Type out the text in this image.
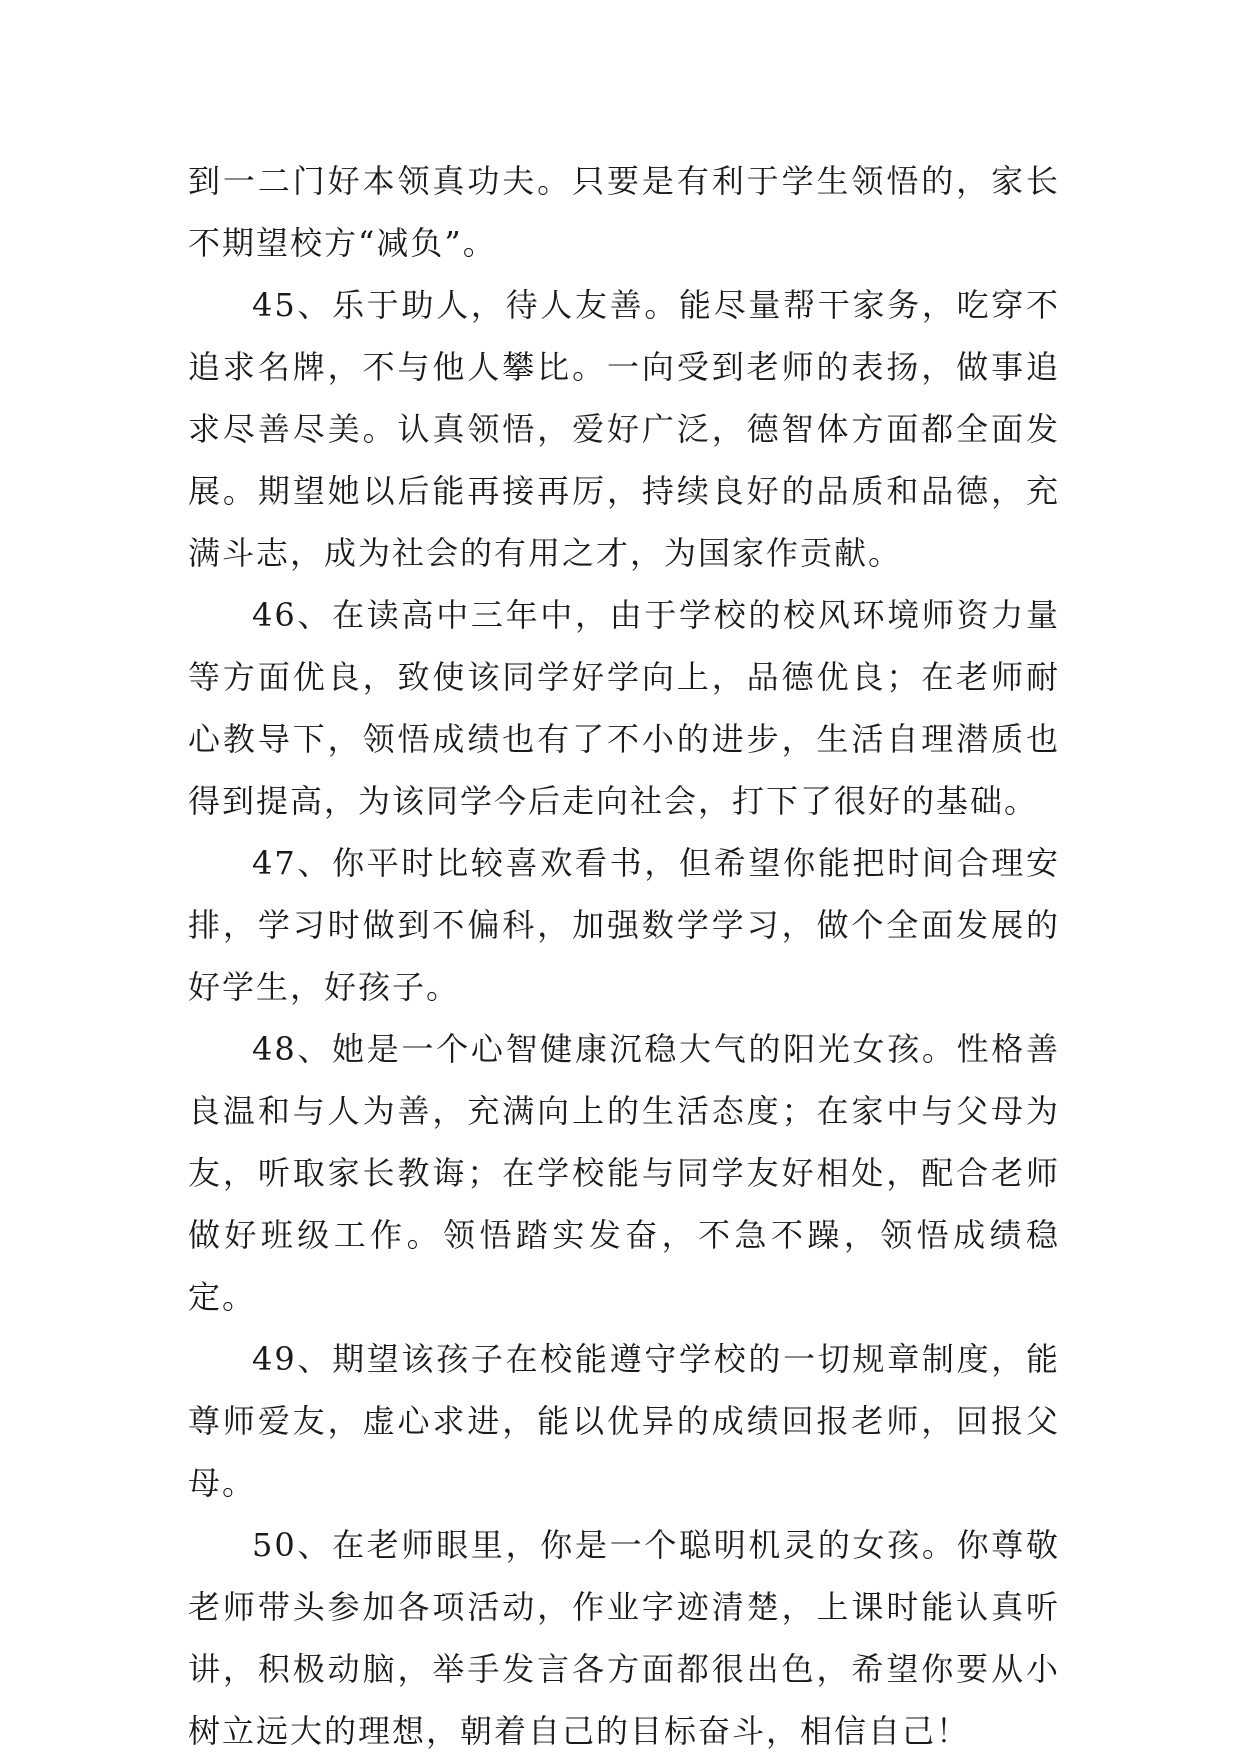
到一二门好本领真功夫。只要是有利于学生领悟的，家长不期望校方“减负”。

45、乐于助人，待人友善。能尽量帮干家务，吃穿不追求名牌，不与他人攀比。一向受到老师的表扬，做事追求尽善尽美。认真领悟，爱好广泛，德智体方面都全面发展。期望她以后能再接再厉，持续良好的品质和品德，充满斗志，成为社会的有用之才，为国家作贡献。

46、在读高中三年中，由于学校的校风环境师资力量等方面优良，致使该同学好学向上，品德优良；在老师耐心教导下，领悟成绩也有了不小的进步，生活自理潜质也得到提高，为该同学今后走向社会，打下了很好的基础。

47、你平时比较喜欢看书，但希望你能把时间合理安排，学习时做到不偏科，加强数学学习，做个全面发展的好学生，好孩子。

48、她是一个心智健康沉稳大气的阳光女孩。性格善良温和与人为善，充满向上的生活态度；在家中与父母为友，听取家长教诲；在学校能与同学友好相处，配合老师做好班级工作。领悟踏实发奋，不急不躁，领悟成绩稳定。

49、期望该孩子在校能遵守学校的一切规章制度，能尊师爱友，虚心求进，能以优异的成绩回报老师，回报父母。

50、在老师眼里，你是一个聪明机灵的女孩。你尊敬老师带头参加各项活动，作业字迹清楚，上课时能认真听讲，积极动脑，举手发言各方面都很出色，希望你要从小树立远大的理想，朝着自己的目标奋斗，相信自己！
